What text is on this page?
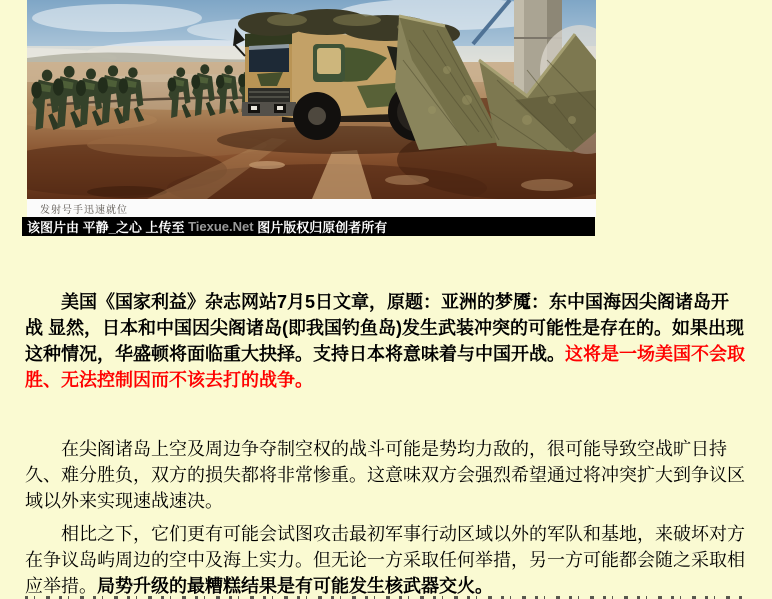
发射号手迅速就位
该图片由 平静_之心 上传至 Tiexue.Net 图片版权归原创者所有

　　美国《国家利益》杂志网站7月5日文章，原题：亚洲的梦魇：东中国海因尖阁诸岛开战 显然，日本和中国因尖阁诸岛(即我国钓鱼岛)发生武装冲突的可能性是存在的。如果出现这种情况，华盛顿将面临重大抉择。支持日本将意味着与中国开战。这将是一场美国不会取胜、无法控制因而不该去打的战争。

　　在尖阁诸岛上空及周边争夺制空权的战斗可能是势均力敌的，很可能导致空战旷日持久、难分胜负，双方的损失都将非常惨重。这意味双方会强烈希望通过将冲突扩大到争议区域以外来实现速战速决。

　　相比之下，它们更有可能会试图攻击最初军事行动区域以外的军队和基地，来破坏对方在争议岛屿周边的空中及海上实力。但无论一方采取任何举措，另一方可能都会随之采取相应举措。局势升级的最糟糕结果是有可能发生核武器交火。
